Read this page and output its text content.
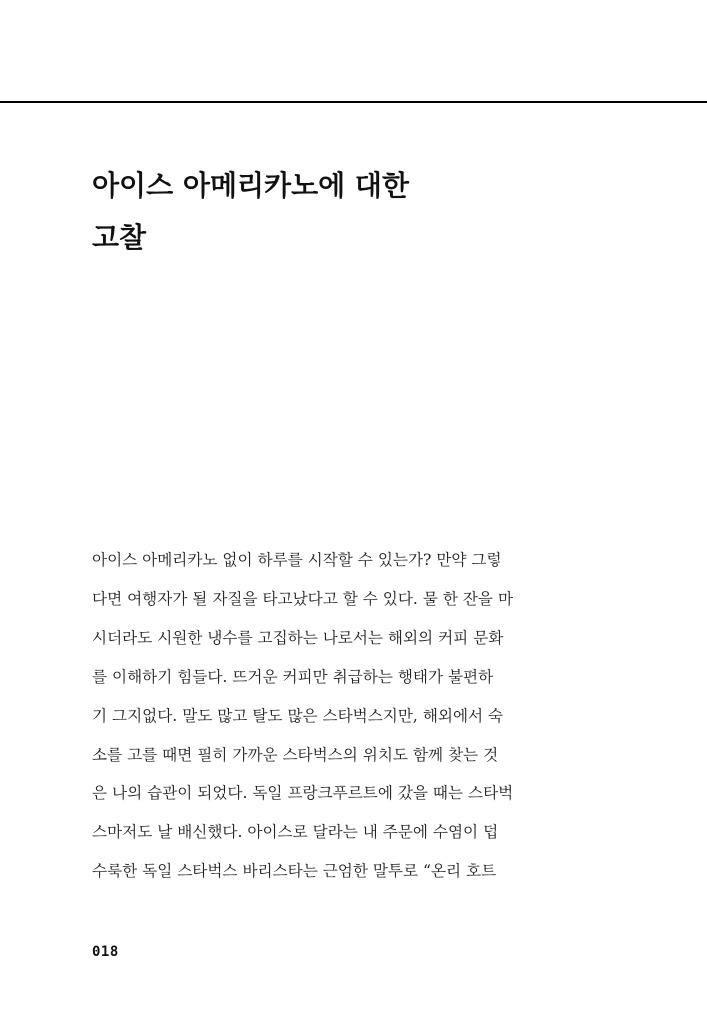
아이스 아메리카노에 대한
고찰

아이스 아메리카노 없이 하루를 시작할 수 있는가? 만약 그렇
다면 여행자가 될 자질을 타고났다고 할 수 있다. 물 한 잔을 마
시더라도 시원한 냉수를 고집하는 나로서는 해외의 커피 문화
를 이해하기 힘들다. 뜨거운 커피만 취급하는 행태가 불편하
기 그지없다. 말도 많고 탈도 많은 스타벅스지만, 해외에서 숙
소를 고를 때면 필히 가까운 스타벅스의 위치도 함께 찾는 것
은 나의 습관이 되었다. 독일 프랑크푸르트에 갔을 때는 스타벅
스마저도 날 배신했다. 아이스로 달라는 내 주문에 수염이 덥
수룩한 독일 스타벅스 바리스타는 근엄한 말투로 “온리 호트

018
